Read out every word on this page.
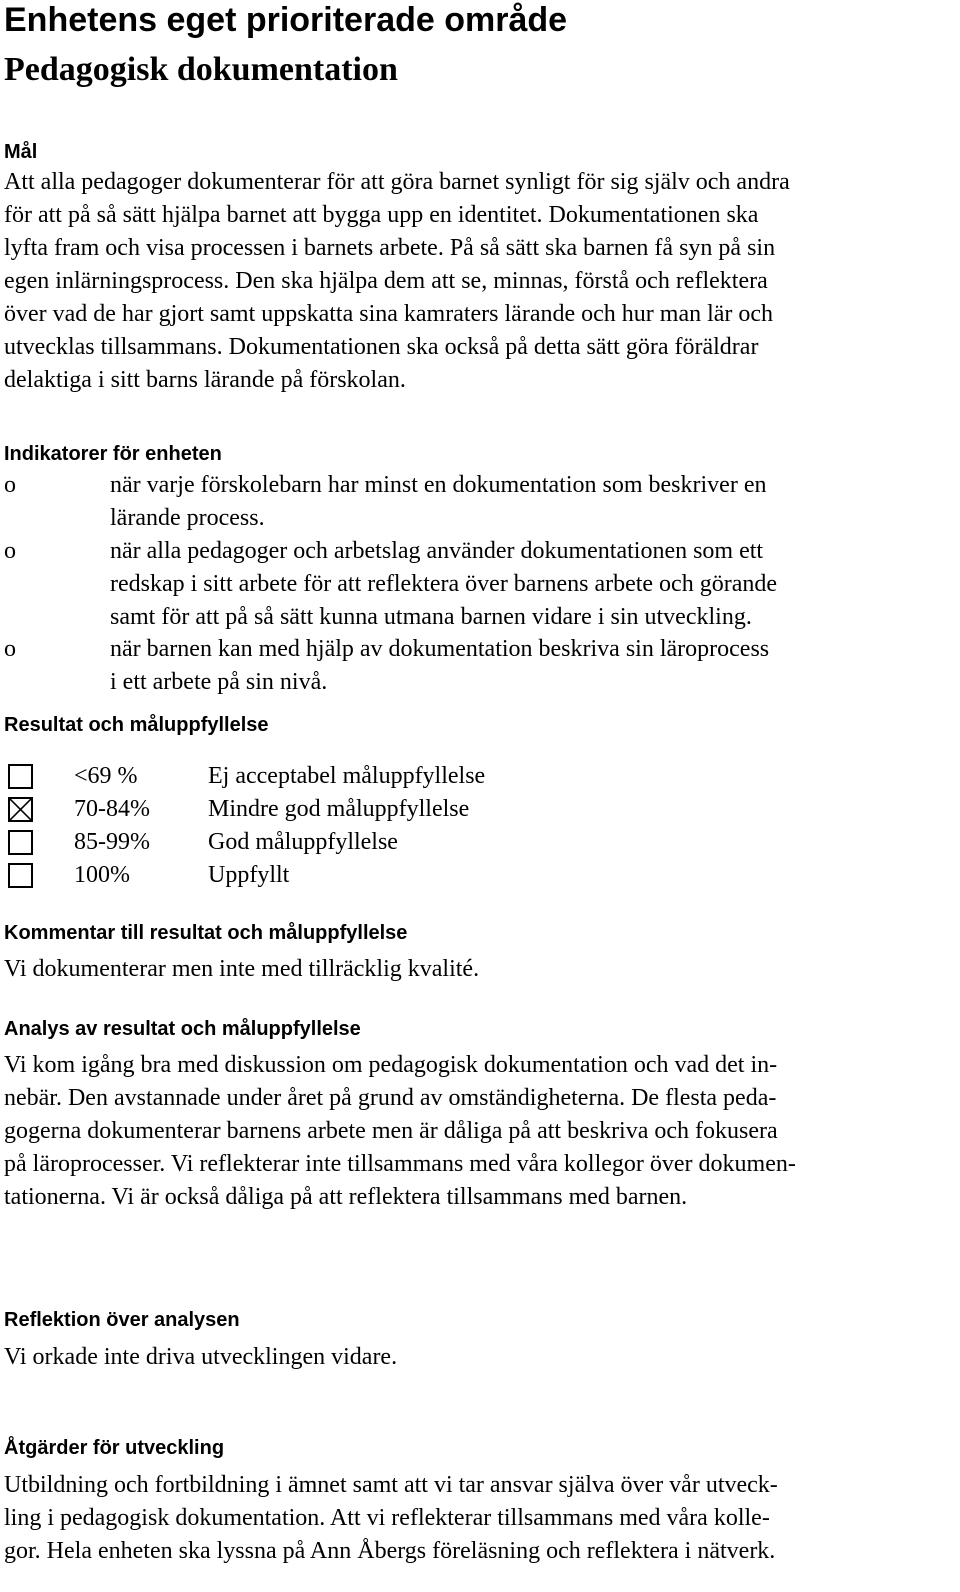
Enhetens eget prioriterade område
Pedagogisk dokumentation
Mål
Att alla pedagoger dokumenterar för att göra barnet synligt för sig själv och andra
för att på så sätt hjälpa barnet att bygga upp en identitet. Dokumentationen ska
lyfta fram och visa processen i barnets arbete. På så sätt ska barnen få syn på sin
egen inlärningsprocess. Den ska hjälpa dem att se, minnas, förstå och reflektera
över vad de har gjort samt uppskatta sina kamraters lärande och hur man lär och
utvecklas tillsammans. Dokumentationen ska också på detta sätt göra föräldrar
delaktiga i sitt barns lärande på förskolan.
Indikatorer för enheten
o	när varje förskolebarn har minst en dokumentation som beskriver en
lärande process.
o	när alla pedagoger och arbetslag använder dokumentationen som ett
redskap i sitt arbete för att reflektera över barnens arbete och görande
samt för att på så sätt kunna utmana barnen vidare i sin utveckling.
o	när barnen kan med hjälp av dokumentation beskriva sin läroprocess
i ett arbete på sin nivå.
Resultat och måluppfyllelse
<69 %	Ej acceptabel måluppfyllelse
70-84% Mindre god måluppfyllelse
85-99% God måluppfyllelse
100%	Uppfyllt
Kommentar till resultat och måluppfyllelse
Vi dokumenterar men inte med tillräcklig kvalité.
Analys av resultat och måluppfyllelse
Vi kom igång bra med diskussion om pedagogisk dokumentation och vad det in-
nebär. Den avstannade under året på grund av omständigheterna. De flesta peda-
gogerna dokumenterar barnens arbete men är dåliga på att beskriva och fokusera
på läroprocesser. Vi reflekterar inte tillsammans med våra kollegor över dokumen-
tationerna. Vi är också dåliga på att reflektera tillsammans med barnen.
Reflektion över analysen
Vi orkade inte driva utvecklingen vidare.
Åtgärder för utveckling
Utbildning och fortbildning i ämnet samt att vi tar ansvar själva över vår utveck-
ling i pedagogisk dokumentation. Att vi reflekterar tillsammans med våra kolle-
gor. Hela enheten ska lyssna på Ann Åbergs föreläsning och reflektera i nätverk.
